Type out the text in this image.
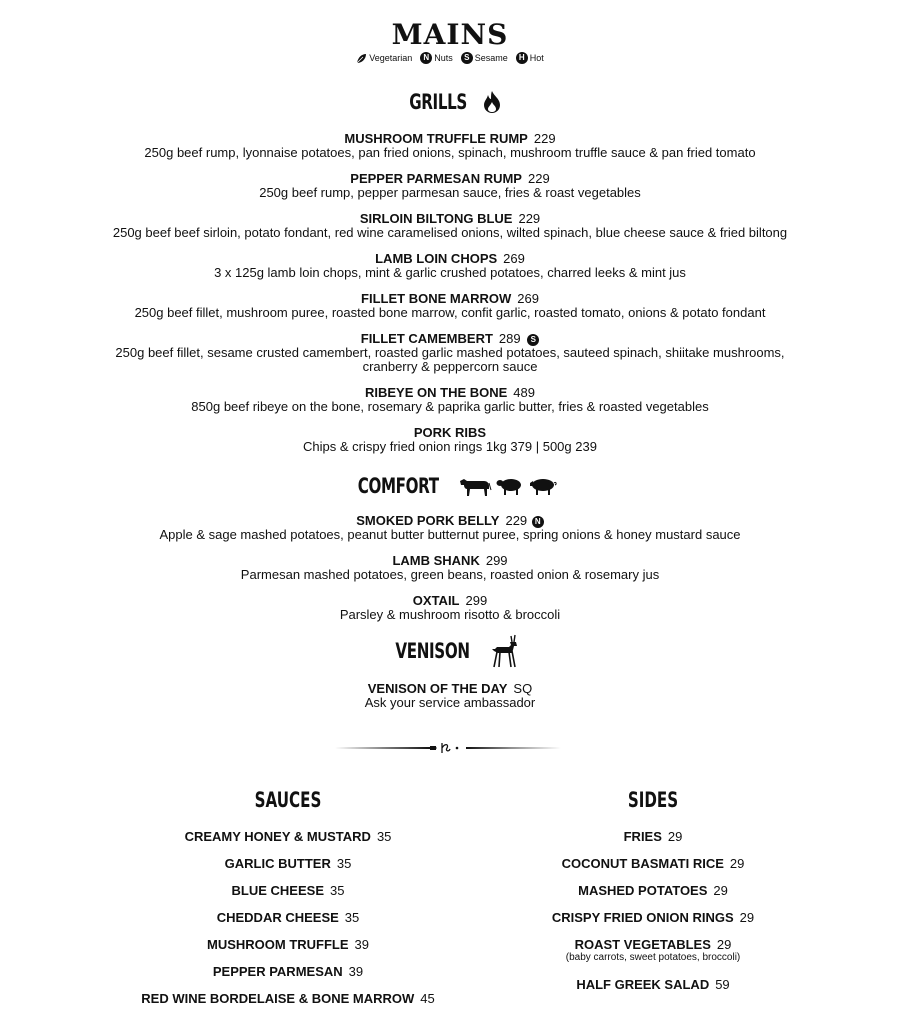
MAINS
Vegetarian	N Nuts	S Sesame	H Hot
GRILLS
MUSHROOM TRUFFLE RUMP 229
250g beef rump, lyonnaise potatoes, pan fried onions, spinach, mushroom truffle sauce & pan fried tomato
PEPPER PARMESAN RUMP 229
250g beef rump, pepper parmesan sauce, fries & roast vegetables
SIRLOIN BILTONG BLUE 229
250g beef beef sirloin, potato fondant, red wine caramelised onions, wilted spinach, blue cheese sauce & fried biltong
LAMB LOIN CHOPS 269
3 x 125g lamb loin chops, mint & garlic crushed potatoes, charred leeks & mint jus
FILLET BONE MARROW 269
250g beef fillet, mushroom puree, roasted bone marrow, confit garlic, roasted tomato, onions & potato fondant
FILLET CAMEMBERT 289 S
250g beef fillet, sesame crusted camembert, roasted garlic mashed potatoes, sauteed spinach, shiitake mushrooms,
cranberry & peppercorn sauce
RIBEYE ON THE BONE 489
850g beef ribeye on the bone, rosemary & paprika garlic butter, fries & roasted vegetables
PORK RIBS
Chips & crispy fried onion rings 1kg 379 | 500g 239
COMFORT
SMOKED PORK BELLY 229 N
Apple & sage mashed potatoes, peanut butter butternut puree, spring onions & honey mustard sauce
LAMB SHANK 299
Parmesan mashed potatoes, green beans, roasted onion & rosemary jus
OXTAIL 299
Parsley & mushroom risotto & broccoli
VENISON
VENISON OF THE DAY SQ
Ask your service ambassador
SAUCES
CREAMY HONEY & MUSTARD 35
GARLIC BUTTER 35
BLUE CHEESE 35
CHEDDAR CHEESE 35
MUSHROOM TRUFFLE 39
PEPPER PARMESAN 39
RED WINE BORDELAISE & BONE MARROW 45
SIDES
FRIES 29
COCONUT BASMATI RICE 29
MASHED POTATOES 29
CRISPY FRIED ONION RINGS 29
ROAST VEGETABLES 29
(baby carrots, sweet potatoes, broccoli)
HALF GREEK SALAD 59
